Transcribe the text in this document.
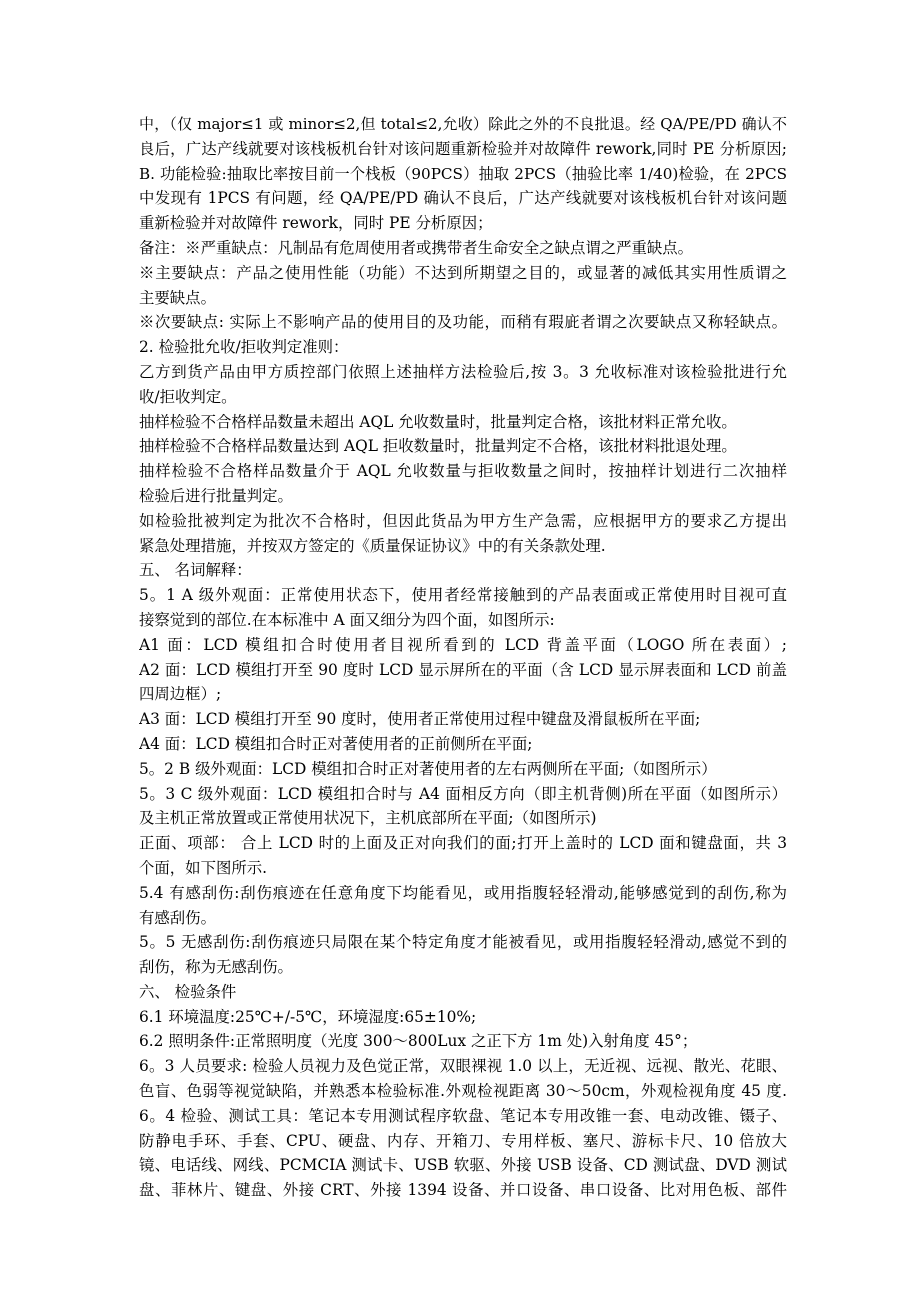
中，（仅 major≤1 或 minor≤2,但 total≤2,允收）除此之外的不良批退。经 QA/PE/PD 确认不
良后，广达产线就要对该栈板机台针对该问题重新检验并对故障件 rework,同时 PE 分析原因;
B. 功能检验:抽取比率按目前一个栈板（90PCS）抽取 2PCS（抽验比率 1/40)检验，在 2PCS
中发现有 1PCS 有问题，经 QA/PE/PD 确认不良后，广达产线就要对该栈板机台针对该问题
重新检验并对故障件 rework，同时 PE 分析原因；
备注：※严重缺点：凡制品有危周使用者或携带者生命安全之缺点谓之严重缺点。
※主要缺点：产品之使用性能（功能）不达到所期望之目的，或显著的减低其实用性质谓之
主要缺点。
※次要缺点: 实际上不影响产品的使用目的及功能，而稍有瑕庛者谓之次要缺点又称轻缺点。
2. 检验批允收/拒收判定准则：
乙方到货产品由甲方质控部门依照上述抽样方法检验后,按 3。3 允收标准对该检验批进行允
收/拒收判定。
抽样检验不合格样品数量未超出 AQL 允收数量时，批量判定合格，该批材料正常允收。
抽样检验不合格样品数量达到 AQL 拒收数量时，批量判定不合格，该批材料批退处理。
抽样检验不合格样品数量介于 AQL 允收数量与拒收数量之间时，按抽样计划进行二次抽样
检验后进行批量判定。
如检验批被判定为批次不合格时，但因此货品为甲方生产急需，应根据甲方的要求乙方提出
紧急处理措施，并按双方签定的《质量保证协议》中的有关条款处理.
五、 名词解释：
5。1 A 级外观面：正常使用状态下，使用者经常接触到的产品表面或正常使用时目视可直
接察觉到的部位.在本标准中 A 面又细分为四个面，如图所示:
A1 面：LCD 模组扣合时使用者目视所看到的 LCD 背盖平面（LOGO 所在表面）;
A2 面：LCD 模组打开至 90 度时 LCD 显示屏所在的平面（含 LCD 显示屏表面和 LCD 前盖
四周边框）;
A3 面：LCD 模组打开至 90 度时，使用者正常使用过程中键盘及滑鼠板所在平面;
A4 面：LCD 模组扣合时正对著使用者的正前侧所在平面;
5。2 B 级外观面：LCD 模组扣合时正对著使用者的左右两侧所在平面;（如图所示）
5。3 C 级外观面：LCD 模组扣合时与 A4 面相反方向（即主机背侧)所在平面（如图所示）
及主机正常放置或正常使用状况下，主机底部所在平面;（如图所示)
正面、项部： 合上 LCD 时的上面及正对向我们的面;打开上盖时的 LCD 面和键盘面，共 3
个面，如下图所示.
5.4 有感刮伤:刮伤痕迹在任意角度下均能看见，或用指腹轻轻滑动,能够感觉到的刮伤,称为
有感刮伤。
5。5 无感刮伤:刮伤痕迹只局限在某个特定角度才能被看见，或用指腹轻轻滑动,感觉不到的
刮伤，称为无感刮伤。
六、 检验条件
6.1 环境温度:25℃+/-5℃，环境湿度:65±10%;
6.2 照明条件:正常照明度（光度 300～800Lux 之正下方 1m 处)入射角度 45°；
6。3 人员要求: 检验人员视力及色觉正常，双眼裸视 1.0 以上，无近视、远视、散光、花眼、
色盲、色弱等视觉缺陷，并熟悉本检验标准.外观检视距离 30～50cm，外观检视角度 45 度.
6。4 检验、测试工具：笔记本专用测试程序软盘、笔记本专用改锥一套、电动改锥、镊子、
防静电手环、手套、CPU、硬盘、内存、开箱刀、专用样板、塞尺、游标卡尺、10 倍放大
镜、电话线、网线、PCMCIA 测试卡、USB 软驱、外接 USB 设备、CD 测试盘、DVD 测试
盘、菲林片、键盘、外接 CRT、外接 1394 设备、并口设备、串口设备、比对用色板、部件
